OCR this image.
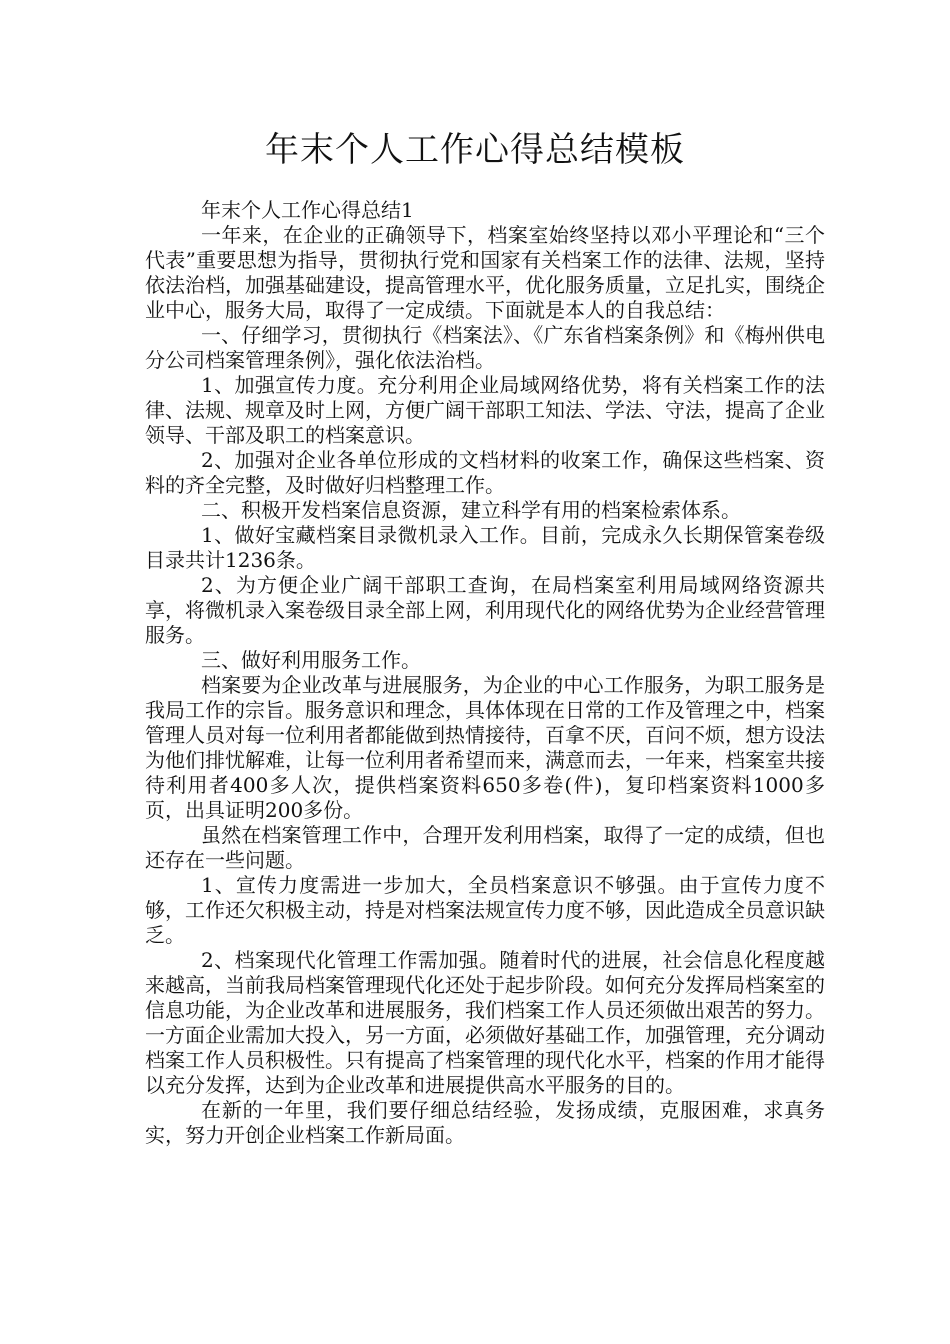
年末个人工作心得总结模板

年末个人工作心得总结1

一年来，在企业的正确领导下，档案室始终坚持以邓小平理论和“三个代表”重要思想为指导，贯彻执行党和国家有关档案工作的法律、法规，坚持依法治档，加强基础建设，提高管理水平，优化服务质量，立足扎实，围绕企业中心，服务大局，取得了一定成绩。下面就是本人的自我总结：

一、仔细学习，贯彻执行《档案法》、《广东省档案条例》和《梅州供电分公司档案管理条例》，强化依法治档。

1、加强宣传力度。充分利用企业局域网络优势，将有关档案工作的法律、法规、规章及时上网，方便广阔干部职工知法、学法、守法，提高了企业领导、干部及职工的档案意识。

2、加强对企业各单位形成的文档材料的收案工作，确保这些档案、资料的齐全完整，及时做好归档整理工作。

二、积极开发档案信息资源，建立科学有用的档案检索体系。

1、做好宝藏档案目录微机录入工作。目前，完成永久长期保管案卷级目录共计1236条。

2、为方便企业广阔干部职工查询，在局档案室利用局域网络资源共享，将微机录入案卷级目录全部上网，利用现代化的网络优势为企业经营管理服务。

三、做好利用服务工作。

档案要为企业改革与进展服务，为企业的中心工作服务，为职工服务是我局工作的宗旨。服务意识和理念，具体体现在日常的工作及管理之中，档案管理人员对每一位利用者都能做到热情接待，百拿不厌，百问不烦，想方设法为他们排忧解难，让每一位利用者希望而来，满意而去，一年来，档案室共接待利用者400多人次，提供档案资料650多卷(件)，复印档案资料1000多页，出具证明200多份。

虽然在档案管理工作中，合理开发利用档案，取得了一定的成绩，但也还存在一些问题。

1、宣传力度需进一步加大，全员档案意识不够强。由于宣传力度不够，工作还欠积极主动，持是对档案法规宣传力度不够，因此造成全员意识缺乏。

2、档案现代化管理工作需加强。随着时代的进展，社会信息化程度越来越高，当前我局档案管理现代化还处于起步阶段。如何充分发挥局档案室的信息功能，为企业改革和进展服务，我们档案工作人员还须做出艰苦的努力。一方面企业需加大投入，另一方面，必须做好基础工作，加强管理，充分调动档案工作人员积极性。只有提高了档案管理的现代化水平，档案的作用才能得以充分发挥，达到为企业改革和进展提供高水平服务的目的。

在新的一年里，我们要仔细总结经验，发扬成绩，克服困难，求真务实，努力开创企业档案工作新局面。
